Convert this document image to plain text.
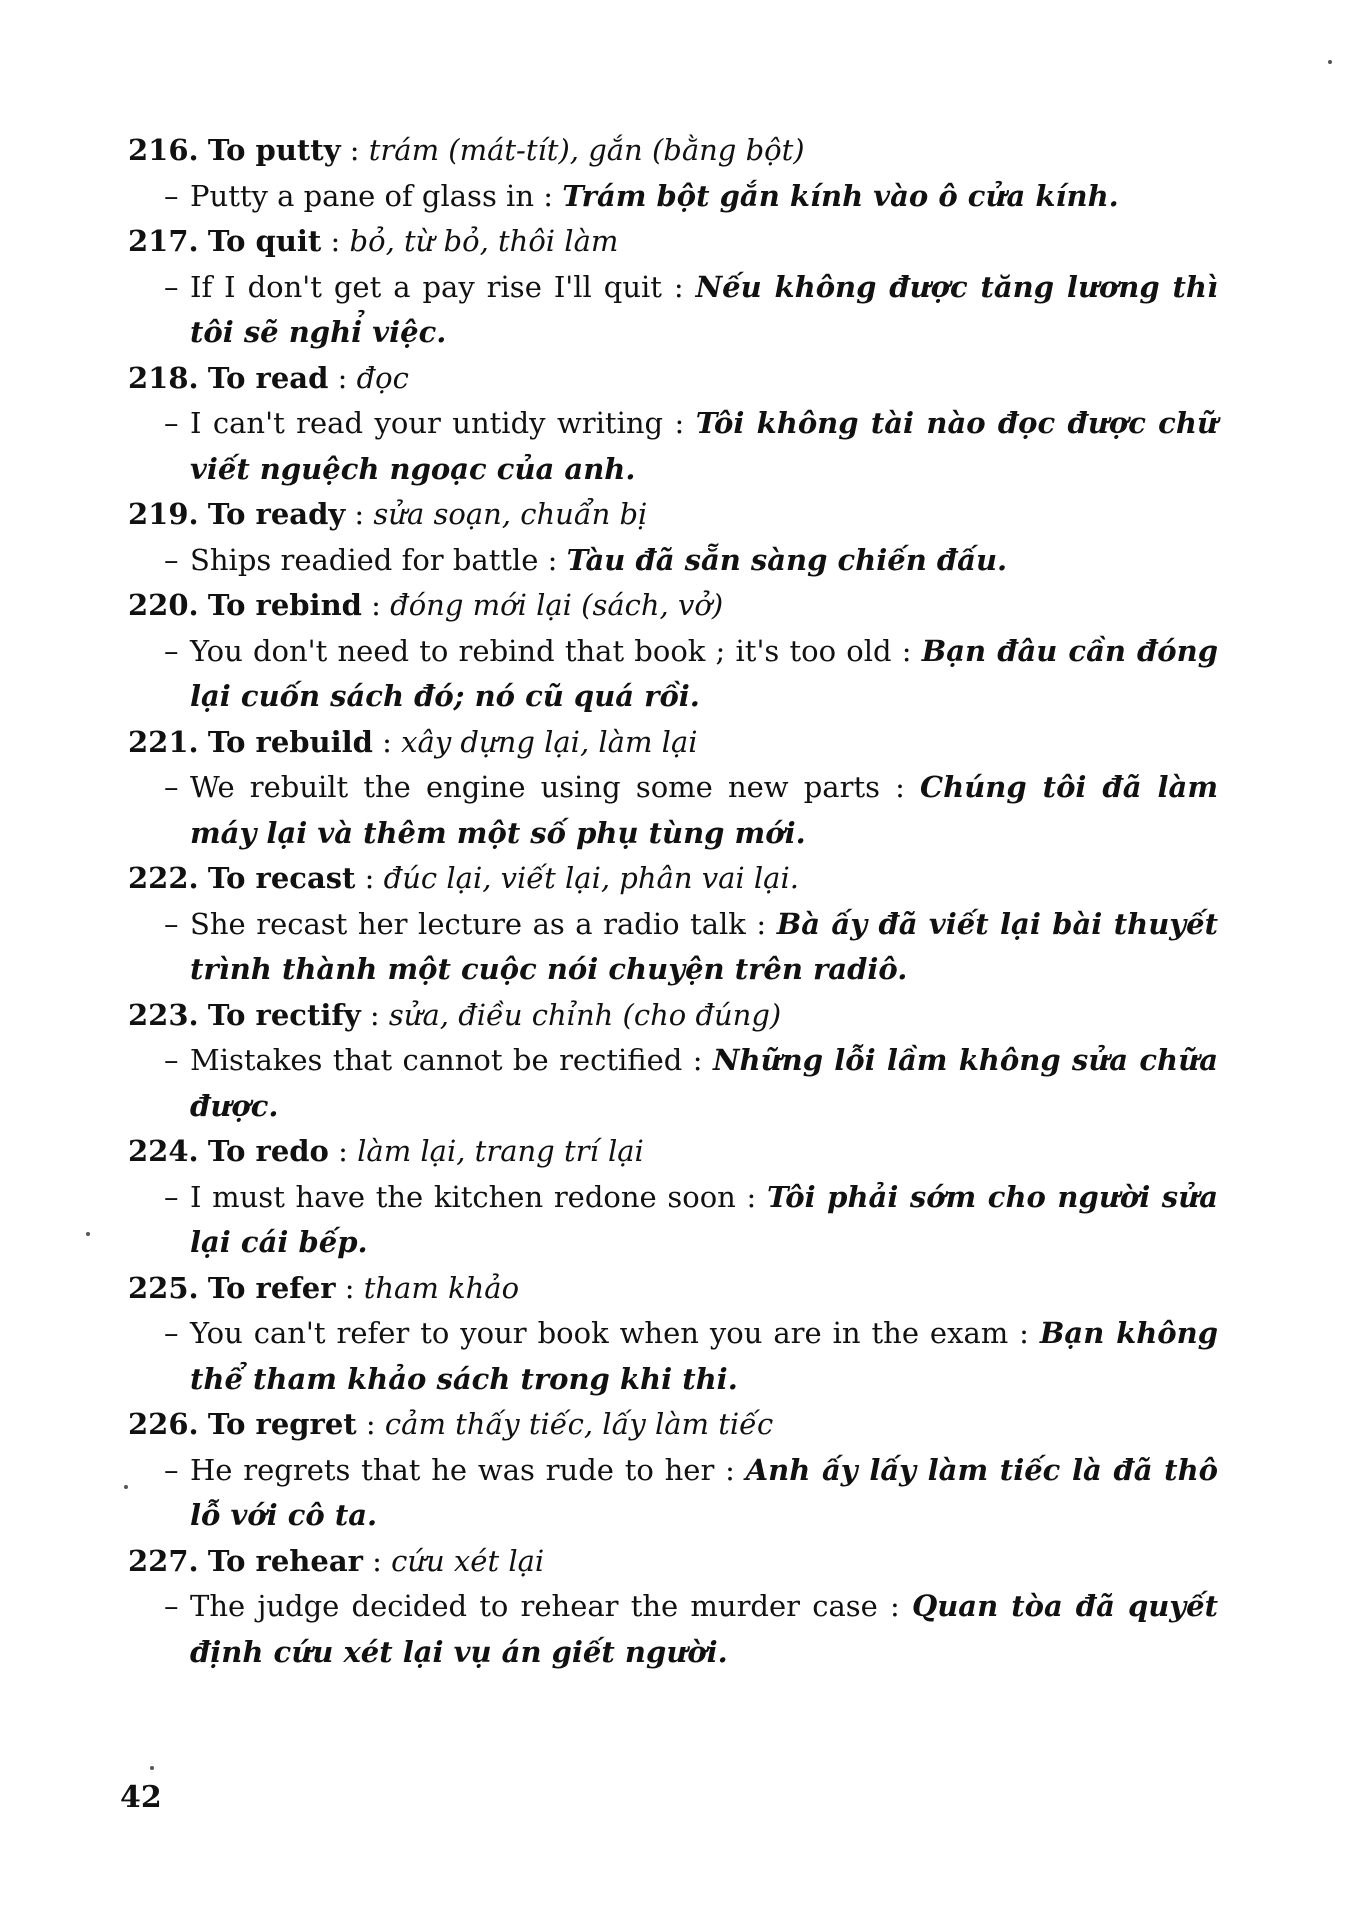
216. To putty : trám (mát-tít), gắn (bằng bột)
– Putty a pane of glass in : Trám bột gắn kính vào ô cửa kính.
217. To quit : bỏ, từ bỏ, thôi làm
– If I don't get a pay rise I'll quit : Nếu không được tăng lương thì tôi sẽ nghỉ việc.
218. To read : đọc
– I can't read your untidy writing : Tôi không tài nào đọc được chữ viết nguệch ngoạc của anh.
219. To ready : sửa soạn, chuẩn bị
– Ships readied for battle : Tàu đã sẵn sàng chiến đấu.
220. To rebind : đóng mới lại (sách, vở)
– You don't need to rebind that book ; it's too old : Bạn đâu cần đóng lại cuốn sách đó; nó cũ quá rồi.
221. To rebuild : xây dựng lại, làm lại
– We rebuilt the engine using some new parts : Chúng tôi đã làm máy lại và thêm một số phụ tùng mới.
222. To recast : đúc lại, viết lại, phân vai lại.
– She recast her lecture as a radio talk : Bà ấy đã viết lại bài thuyết trình thành một cuộc nói chuyện trên radiô.
223. To rectify : sửa, điều chỉnh (cho đúng)
– Mistakes that cannot be rectified : Những lỗi lầm không sửa chữa được.
224. To redo : làm lại, trang trí lại
– I must have the kitchen redone soon : Tôi phải sớm cho người sửa lại cái bếp.
225. To refer : tham khảo
– You can't refer to your book when you are in the exam : Bạn không thể tham khảo sách trong khi thi.
226. To regret : cảm thấy tiếc, lấy làm tiếc
– He regrets that he was rude to her : Anh ấy lấy làm tiếc là đã thô lỗ với cô ta.
227. To rehear : cứu xét lại
– The judge decided to rehear the murder case : Quan tòa đã quyết định cứu xét lại vụ án giết người.
42
